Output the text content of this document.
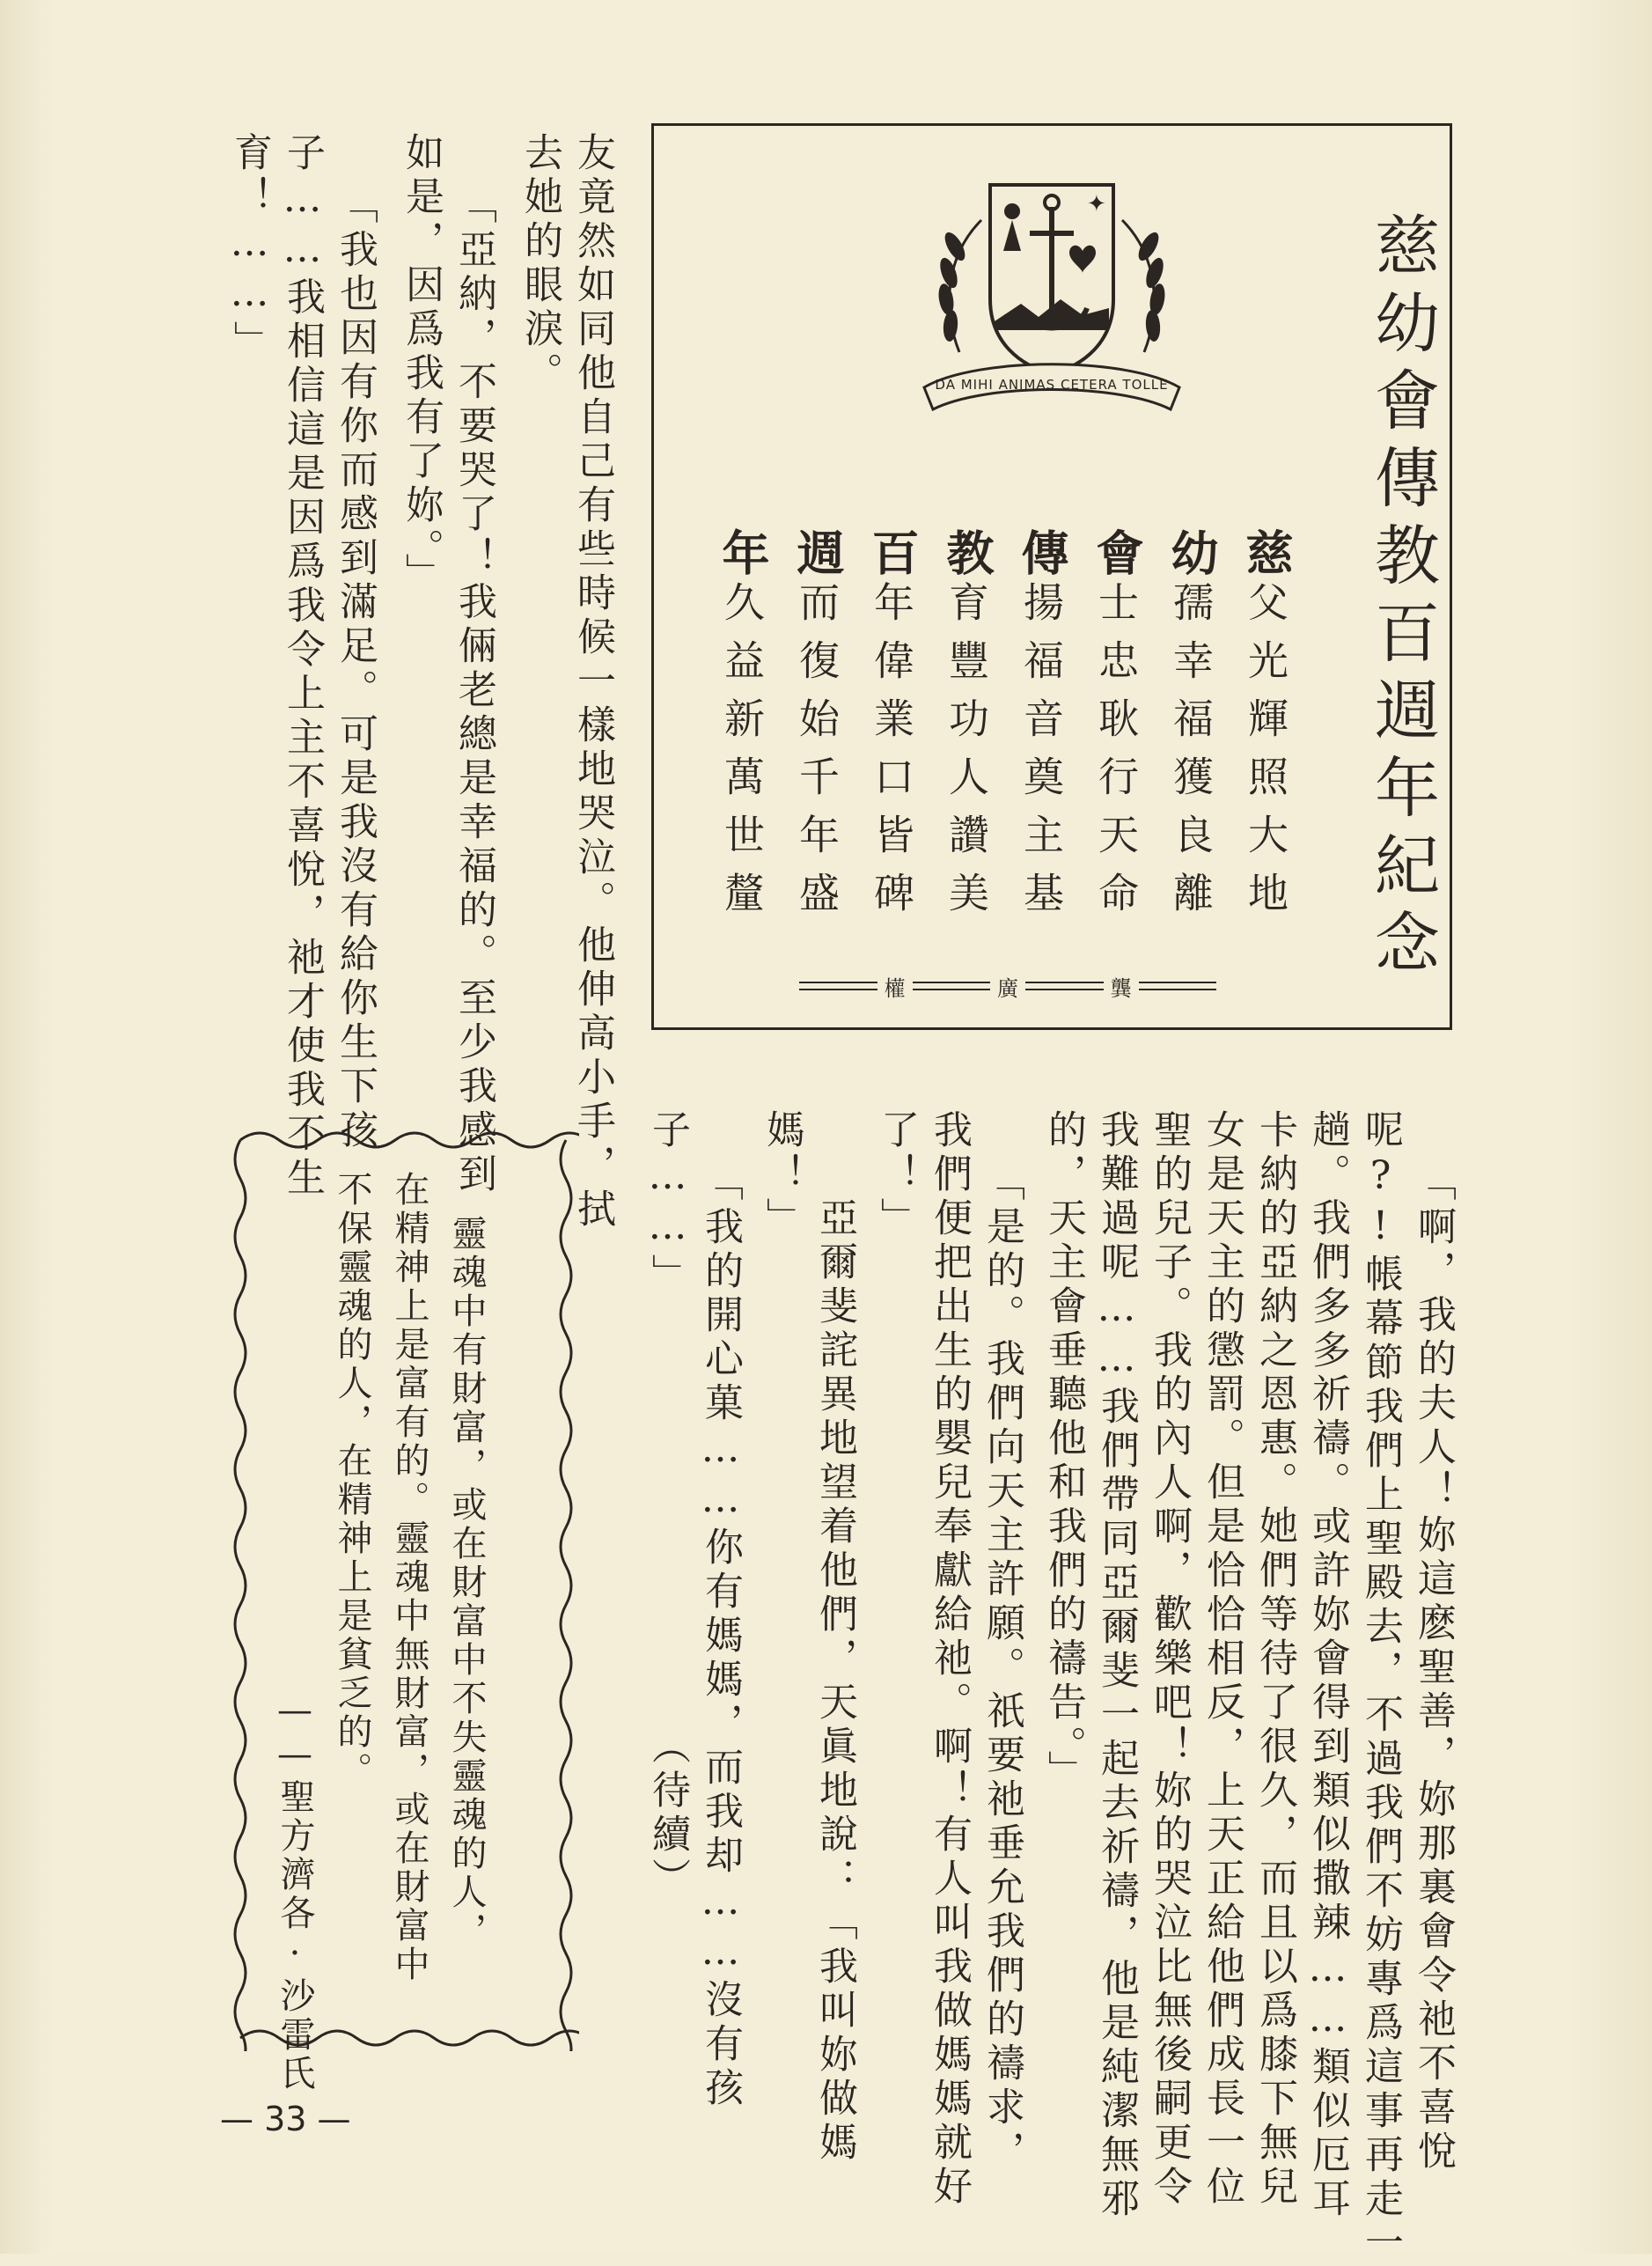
慈幼會傳教百週年紀念
✦
DA MIHI ANIMAS CETERA TOLLE
慈父光輝照大地
幼孺幸福獲良離
會士忠耿行天命
傳揚福音奠主基
教育豐功人讚美
百年偉業口皆碑
週而復始千年盛
年久益新萬世釐
權	廣	龔
友竟然如同他自己有些時候一樣地哭泣。他伸高小手，拭
去她的眼淚。
「亞納，不要哭了！我倆老總是幸福的。至少我感到
如是，因爲我有了妳。」
「我也因有你而感到滿足。可是我沒有給你生下孩
子……我相信這是因爲我令上主不喜悅，祂才使我不生
育！……」
「啊，我的夫人！妳這麽聖善，妳那裏會令祂不喜悅
呢?!帳幕節我們上聖殿去，不過我們不妨專爲這事再走一
趟。我們多多祈禱。或許妳會得到類似撒辣……類似厄耳
卡納的亞納之恩惠。她們等待了很久，而且以爲膝下無兒
女是天主的懲罰。但是恰恰相反，上天正給他們成長一位
聖的兒子。我的內人啊，歡樂吧！妳的哭泣比無後嗣更令
我難過呢……我們帶同亞爾斐一起去祈禱，他是純潔無邪
的，天主會垂聽他和我們的禱告。」
「是的。我們向天主許願。祇要祂垂允我們的禱求，
我們便把出生的嬰兒奉獻給祂。啊！有人叫我做媽媽就好
了！」
亞爾斐詫異地望着他們，天眞地說：「我叫妳做媽
媽！」
「我的開心菓……你有媽媽，而我却……沒有孩
子……」
（待續）
靈魂中有財富，或在財富中不失靈魂的人，
在精神上是富有的。靈魂中無財富，或在財富中
不保靈魂的人，在精神上是貧乏的。
——聖方濟各·沙雷氏
— 33 —
